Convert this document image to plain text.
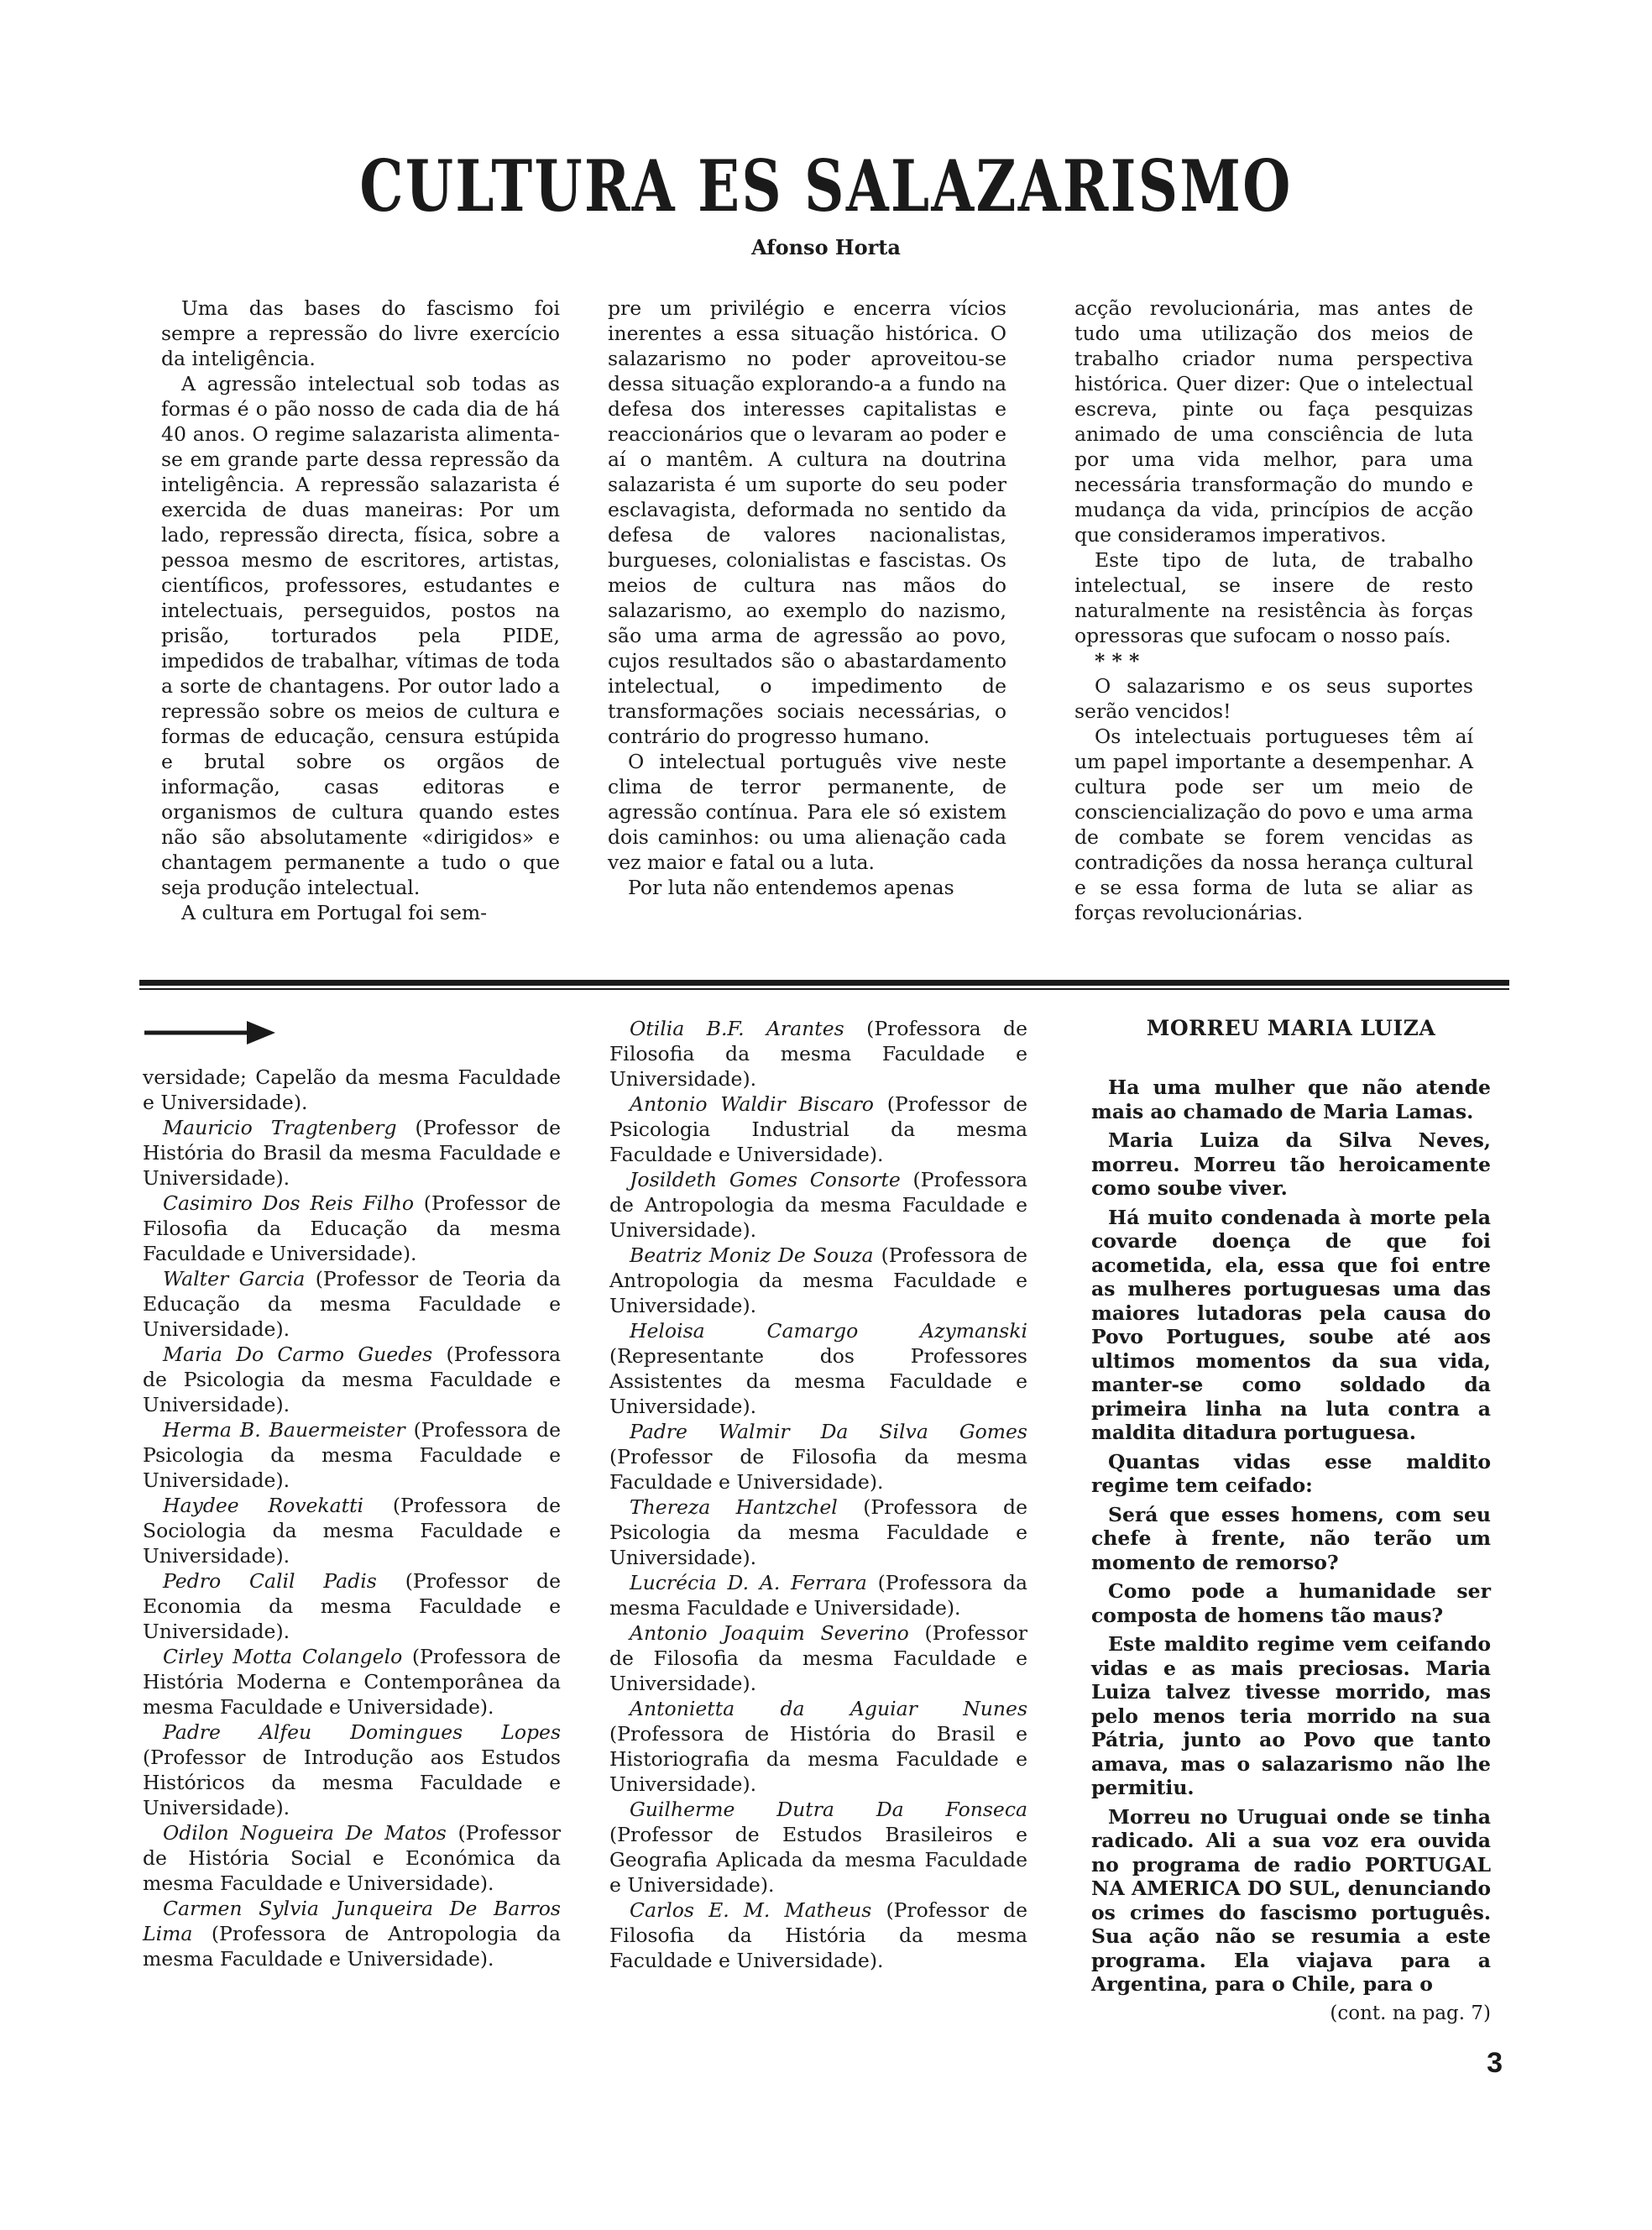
CULTURA ES SALAZARISMO
Afonso Horta

Uma das bases do fascismo foi sempre a repressão do livre exercício da inteligência.

A agressão intelectual sob todas as formas é o pão nosso de cada dia de há 40 anos. O regime salazarista alimenta-se em grande parte dessa repressão da inteligência. A repressão salazarista é exercida de duas maneiras: Por um lado, repressão directa, física, sobre a pessoa mesmo de escritores, artistas, científicos, professores, estudantes e intelectuais, perseguidos, postos na prisão, torturados pela PIDE, impedidos de trabalhar, vítimas de toda a sorte de chantagens. Por outor lado a repressão sobre os meios de cultura e formas de educação, censura estúpida e brutal sobre os orgãos de informação, casas editoras e organismos de cultura quando estes não são absolutamente «dirigidos» e chantagem permanente a tudo o que seja produção intelectual.

A cultura em Portugal foi sem-

pre um privilégio e encerra vícios inerentes a essa situação histórica. O salazarismo no poder aproveitou-se dessa situação explorando-a a fundo na defesa dos interesses capitalistas e reaccionários que o levaram ao poder e aí o mantêm. A cultura na doutrina salazarista é um suporte do seu poder esclavagista, deformada no sentido da defesa de valores nacionalistas, burgueses, colonialistas e fascistas. Os meios de cultura nas mãos do salazarismo, ao exemplo do nazismo, são uma arma de agressão ao povo, cujos resultados são o abastardamento intelectual, o impedimento de transformações sociais necessárias, o contrário do progresso humano.

O intelectual português vive neste clima de terror permanente, de agressão contínua. Para ele só existem dois caminhos: ou uma alienação cada vez maior e fatal ou a luta.

Por luta não entendemos apenas

acção revolucionária, mas antes de tudo uma utilização dos meios de trabalho criador numa perspectiva histórica. Quer dizer: Que o intelectual escreva, pinte ou faça pesquizas animado de uma consciência de luta por uma vida melhor, para uma necessária transformação do mundo e mudança da vida, princípios de acção que consideramos imperativos.

Este tipo de luta, de trabalho intelectual, se insere de resto naturalmente na resistência às forças opressoras que sufocam o nosso país.

* * *

O salazarismo e os seus suportes serão vencidos!

Os intelectuais portugueses têm aí um papel importante a desempenhar. A cultura pode ser um meio de consciencialização do povo e uma arma de combate se forem vencidas as contradições da nossa herança cultural e se essa forma de luta se aliar as forças revolucionárias.

versidade; Capelão da mesma Faculdade e Universidade).

Mauricio Tragtenberg (Professor de História do Brasil da mesma Faculdade e Universidade).

Casimiro Dos Reis Filho (Professor de Filosofia da Educação da mesma Faculdade e Universidade).

Walter Garcia (Professor de Teoria da Educação da mesma Faculdade e Universidade).

Maria Do Carmo Guedes (Professora de Psicologia da mesma Faculdade e Universidade).

Herma B. Bauermeister (Professora de Psicologia da mesma Faculdade e Universidade).

Haydee Rovekatti (Professora de Sociologia da mesma Faculdade e Universidade).

Pedro Calil Padis (Professor de Economia da mesma Faculdade e Universidade).

Cirley Motta Colangelo (Professora de História Moderna e Contemporânea da mesma Faculdade e Universidade).

Padre Alfeu Domingues Lopes (Professor de Introdução aos Estudos Históricos da mesma Faculdade e Universidade).

Odilon Nogueira De Matos (Professor de História Social e Económica da mesma Faculdade e Universidade).

Carmen Sylvia Junqueira De Barros Lima (Professora de Antropologia da mesma Faculdade e Universidade).

Otilia B.F. Arantes (Professora de Filosofia da mesma Faculdade e Universidade).

Antonio Waldir Biscaro (Professor de Psicologia Industrial da mesma Faculdade e Universidade).

Josildeth Gomes Consorte (Professora de Antropologia da mesma Faculdade e Universidade).

Beatriz Moniz De Souza (Professora de Antropologia da mesma Faculdade e Universidade).

Heloisa Camargo Azymanski (Representante dos Professores Assistentes da mesma Faculdade e Universidade).

Padre Walmir Da Silva Gomes (Professor de Filosofia da mesma Faculdade e Universidade).

Thereza Hantzchel (Professora de Psicologia da mesma Faculdade e Universidade).

Lucrécia D. A. Ferrara (Professora da mesma Faculdade e Universidade).

Antonio Joaquim Severino (Professor de Filosofia da mesma Faculdade e Universidade).

Antonietta da Aguiar Nunes (Professora de História do Brasil e Historiografia da mesma Faculdade e Universidade).

Guilherme Dutra Da Fonseca (Professor de Estudos Brasileiros e Geografia Aplicada da mesma Faculdade e Universidade).

Carlos E. M. Matheus (Professor de Filosofia da História da mesma Faculdade e Universidade).

MORREU MARIA LUIZA

Ha uma mulher que não atende mais ao chamado de Maria Lamas.

Maria Luiza da Silva Neves, morreu. Morreu tão heroicamente como soube viver.

Há muito condenada à morte pela covarde doença de que foi acometida, ela, essa que foi entre as mulheres portuguesas uma das maiores lutadoras pela causa do Povo Portugues, soube até aos ultimos momentos da sua vida, manter-se como soldado da primeira linha na luta contra a maldita ditadura portuguesa.

Quantas vidas esse maldito regime tem ceifado:

Será que esses homens, com seu chefe à frente, não terão um momento de remorso?

Como pode a humanidade ser composta de homens tão maus?

Este maldito regime vem ceifando vidas e as mais preciosas. Maria Luiza talvez tivesse morrido, mas pelo menos teria morrido na sua Pátria, junto ao Povo que tanto amava, mas o salazarismo não lhe permitiu.

Morreu no Uruguai onde se tinha radicado. Ali a sua voz era ouvida no programa de radio PORTUGAL NA AMERICA DO SUL, denunciando os crimes do fascismo português. Sua ação não se resumia a este programa. Ela viajava para a Argentina, para o Chile, para o

(cont. na pag. 7)

3
